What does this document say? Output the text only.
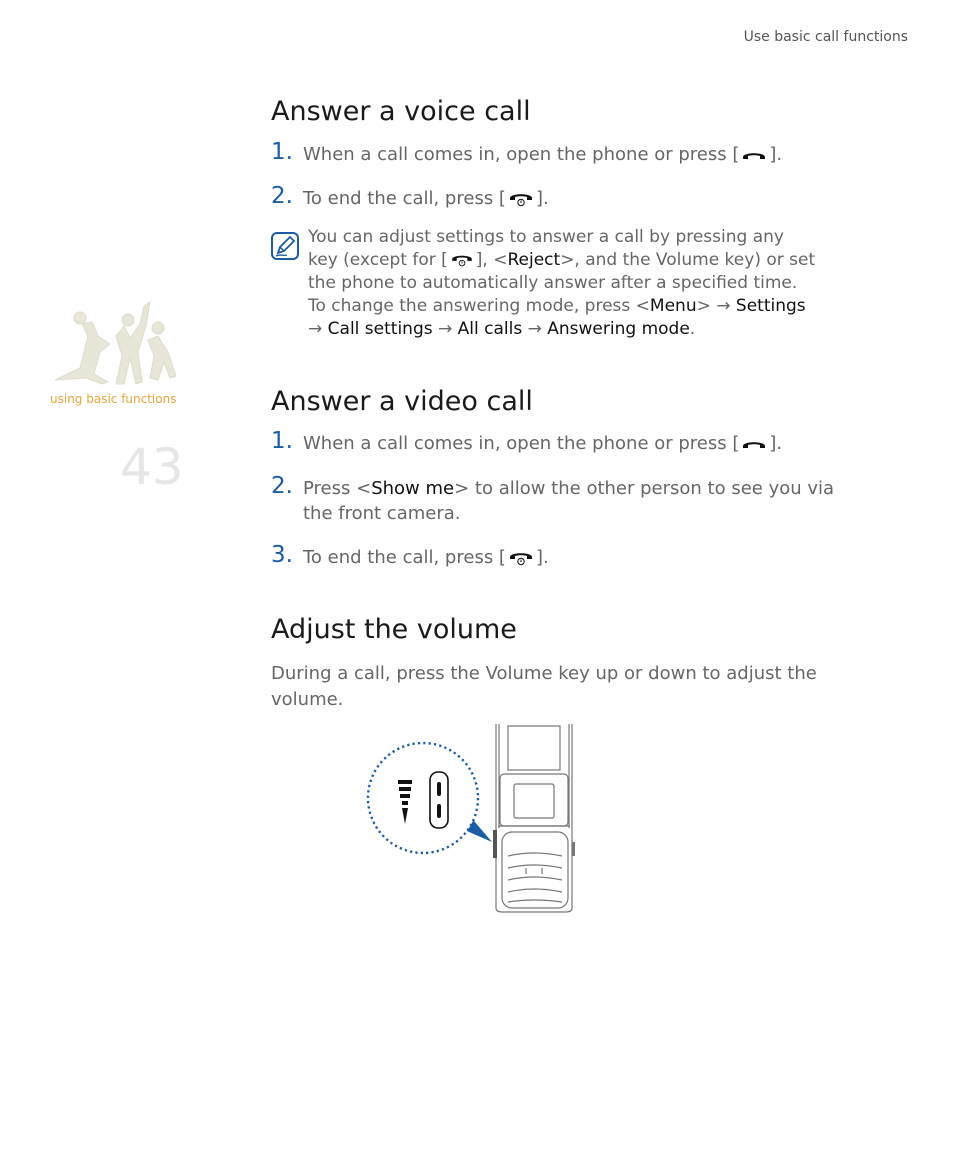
Use basic call functions
using basic functions
43
Answer a voice call
1. When a call comes in, open the phone or press [ ].
2. To end the call, press [ ].
You can adjust settings to answer a call by pressing any key (except for [ ], <Reject>, and the Volume key) or set the phone to automatically answer after a specified time. To change the answering mode, press <Menu> → Settings → Call settings → All calls → Answering mode.
Answer a video call
1. When a call comes in, open the phone or press [ ].
2. Press <Show me> to allow the other person to see you via the front camera.
3. To end the call, press [ ].
Adjust the volume
During a call, press the Volume key up or down to adjust the volume.
